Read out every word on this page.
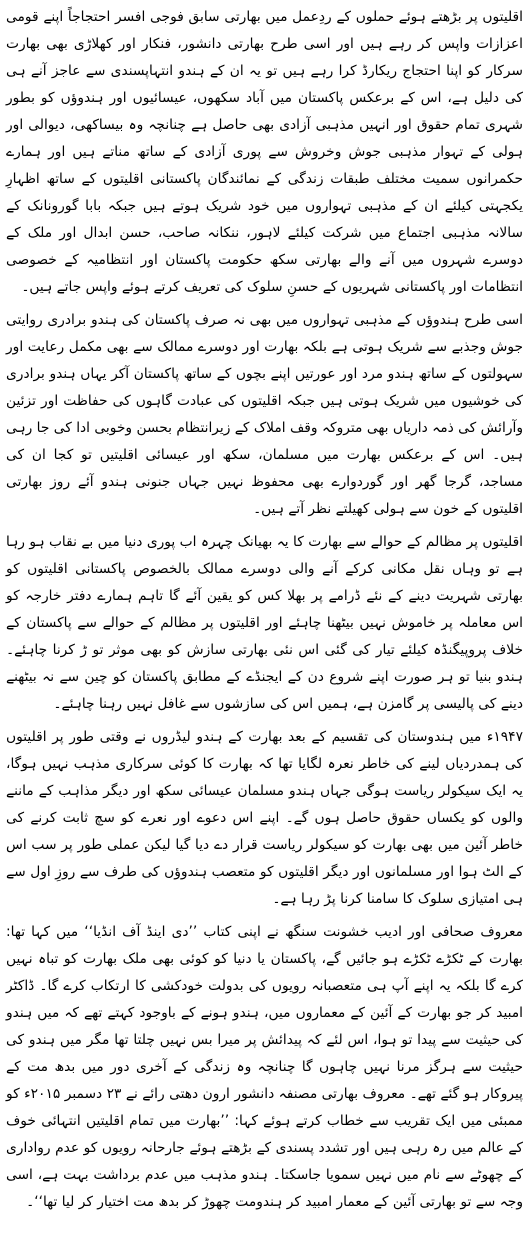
اقلیتوں پر بڑھتے ہوئے حملوں کے ردِعمل میں بھارتی سابق فوجی افسر احتجاجاً اپنے قومی اعزازات واپس کر رہے ہیں اور اسی طرح بھارتی دانشور، فنکار اور کھلاڑی بھی بھارت سرکار کو اپنا احتجاج ریکارڈ کرا رہے ہیں تو یہ ان کے ہندو انتہاپسندی سے عاجز آنے ہی کی دلیل ہے، اس کے برعکس پاکستان میں آباد سکھوں، عیسائیوں اور ہندوؤں کو بطور شہری تمام حقوق اور انہیں مذہبی آزادی بھی حاصل ہے چنانچہ وہ بیساکھی، دیوالی اور ہولی کے تہوار مذہبی جوش وخروش سے پوری آزادی کے ساتھ مناتے ہیں اور ہمارے حکمرانوں سمیت مختلف طبقات زندگی کے نمائندگان پاکستانی اقلیتوں کے ساتھ اظہارِ یکجہتی کیلئے ان کے مذہبی تہواروں میں خود شریک ہوتے ہیں جبکہ بابا گورونانک کے سالانہ مذہبی اجتماع میں شرکت کیلئے لاہور، ننکانہ صاحب، حسن ابدال اور ملک کے دوسرے شہروں میں آنے والے بھارتی سکھ حکومت پاکستان اور انتظامیہ کے خصوصی انتظامات اور پاکستانی شہریوں کے حسنِ سلوک کی تعریف کرتے ہوئے واپس جاتے ہیں۔

اسی طرح ہندوؤں کے مذہبی تہواروں میں بھی نہ صرف پاکستان کی ہندو برادری روایتی جوش وجذبے سے شریک ہوتی ہے بلکہ بھارت اور دوسرے ممالک سے بھی مکمل رعایت اور سہولتوں کے ساتھ ہندو مرد اور عورتیں اپنے بچوں کے ساتھ پاکستان آکر یہاں ہندو برادری کی خوشیوں میں شریک ہوتی ہیں جبکہ اقلیتوں کی عبادت گاہوں کی حفاظت اور تزئین وآرائش کی ذمہ داریاں بھی متروکہ وقف املاک کے زیرانتظام بحسن وخوبی ادا کی جا رہی ہیں۔ اس کے برعکس بھارت میں مسلمان، سکھ اور عیسائی اقلیتیں تو کجا ان کی مساجد، گرجا گھر اور گوردوارے بھی محفوظ نہیں جہاں جنونی ہندو آئے روز بھارتی اقلیتوں کے خون سے ہولی کھیلتے نظر آتے ہیں۔

اقلیتوں پر مظالم کے حوالے سے بھارت کا یہ بھیانک چہرہ اب پوری دنیا میں بے نقاب ہو رہا ہے تو وہاں نقل مکانی کرکے آنے والی دوسرے ممالک بالخصوص پاکستانی اقلیتوں کو بھارتی شہریت دینے کے نئے ڈرامے پر بھلا کس کو یقین آئے گا تاہم ہمارے دفتر خارجہ کو اس معاملہ پر خاموش نہیں بیٹھنا چاہئے اور اقلیتوں پر مظالم کے حوالے سے پاکستان کے خلاف پروپیگنڈہ کیلئے تیار کی گئی اس نئی بھارتی سازش کو بھی موثر تو ڑ کرنا چاہئے۔ ہندو بنیا تو ہر صورت اپنے شروع دن کے ایجنڈے کے مطابق پاکستان کو چین سے نہ بیٹھنے دینے کی پالیسی پر گامزن ہے، ہمیں اس کی سازشوں سے غافل نہیں رہنا چاہئے۔

۱۹۴۷ء میں ہندوستان کی تقسیم کے بعد بھارت کے ہندو لیڈروں نے وقتی طور پر اقلیتوں کی ہمدردیاں لینے کی خاطر نعرہ لگایا تھا کہ بھارت کا کوئی سرکاری مذہب نہیں ہوگا، یہ ایک سیکولر ریاست ہوگی جہاں ہندو مسلمان عیسائی سکھ اور دیگر مذاہب کے ماننے والوں کو یکساں حقوق حاصل ہوں گے۔ اپنے اس دعوے اور نعرے کو سچ ثابت کرنے کی خاطر آئین میں بھی بھارت کو سیکولر ریاست قرار دے دیا گیا لیکن عملی طور پر سب اس کے الٹ ہوا اور مسلمانوں اور دیگر اقلیتوں کو متعصب ہندوؤں کی طرف سے روزِ اول سے ہی امتیازی سلوک کا سامنا کرنا پڑ رہا ہے۔

معروف صحافی اور ادیب خشونت سنگھ نے اپنی کتاب ’’دی اینڈ آف انڈیا‘‘ میں کہا تھا: بھارت کے ٹکڑے ٹکڑے ہو جائیں گے، پاکستان یا دنیا کو کوئی بھی ملک بھارت کو تباہ نہیں کرے گا بلکہ یہ اپنے آپ ہی متعصبانہ رویوں کی بدولت خودکشی کا ارتکاب کرے گا۔ ڈاکٹر امبید کر جو بھارت کے آئین کے معماروں میں، ہندو ہونے کے باوجود کہتے تھے کہ میں ہندو کی حیثیت سے پیدا تو ہوا، اس لئے کہ پیدائش پر میرا بس نہیں چلتا تھا مگر میں ہندو کی حیثیت سے ہرگز مرنا نہیں چاہوں گا چنانچہ وہ زندگی کے آخری دور میں بدھ مت کے پیروکار ہو گئے تھے۔ معروف بھارتی مصنفہ دانشور ارون دھتی رائے نے ۲۳ دسمبر ۲۰۱۵ء کو ممبئی میں ایک تقریب سے خطاب کرتے ہوئے کہا: ’’بھارت میں تمام اقلیتیں انتہائی خوف کے عالم میں رہ رہی ہیں اور تشدد پسندی کے بڑھتے ہوئے جارحانہ رویوں کو عدم رواداری کے چھوٹے سے نام میں نہیں سمویا جاسکتا۔ ہندو مذہب میں عدم برداشت بہت ہے، اسی وجہ سے تو بھارتی آئین کے معمار امبید کر ہندومت چھوڑ کر بدھ مت اختیار کر لیا تھا‘‘۔
